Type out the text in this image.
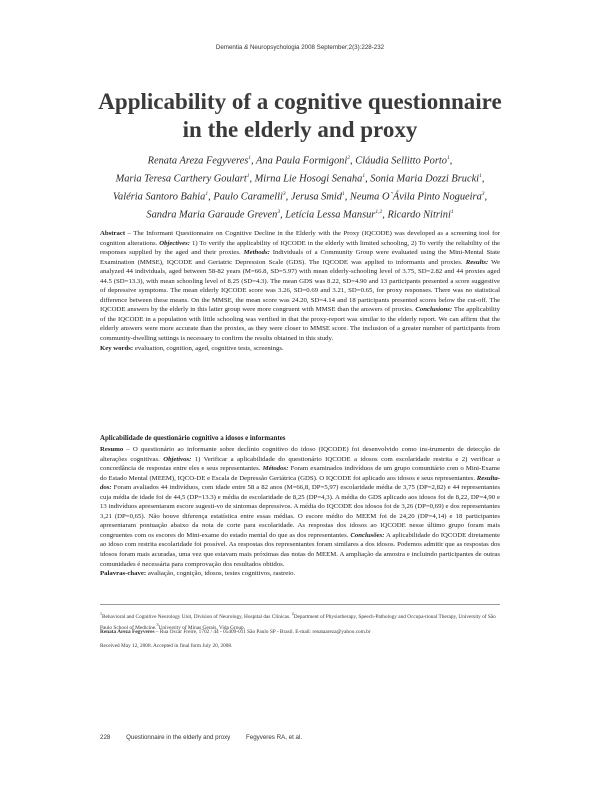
Dementia & Neuropsychologia 2008 September;2(3):228-232
Applicability of a cognitive questionnaire
in the elderly and proxy
Renata Areza Fegyveres$^1$, Ana Paula Formigoni$^2$, Cláudia Sellitto Porto$^1$,
Maria Teresa Carthery Goulart$^1$, Mirna Lie Hosogi Senaha$^1$, Sonia Maria Dozzi Brucki$^1$,
Valéria Santoro Bahia$^1$, Paulo Caramelli$^3$, Jerusa Smid$^1$, Neuma O`Ávila Pinto Nogueira$^3$,
Sandra Maria Garaude Greven$^3$, Letícia Lessa Mansur$^{1,2}$, Ricardo Nitrini$^1$
Abstract – The Informant Questionnaire on Cognitive Decline in the Elderly with the Proxy (IQCODE) was developed as a screening tool for cognition alterations. Objectives: 1) To verify the applicability of IQCODE in the elderly with limited schooling, 2) To verify the reliability of the responses supplied by the aged and their proxies. Methods: Individuals of a Community Group were evaluated using the Mini-Mental State Examination (MMSE), IQCODE and Geriatric Depression Scale (GDS). The IQCODE was applied to informants and proxies. Results: We analyzed 44 individuals, aged between 58-82 years (M=66.8, SD=5.97) with mean elderly-schooling level of 3.75, SD=2.82 and 44 proxies aged 44.5 (SD=13.3), with mean schooling level of 8.25 (SD=4.3). The mean GDS was 8.22, SD=4.90 and 13 participants presented a score suggestive of depressive symptoms. The mean elderly IQCODE score was 3.26, SD=0.69 and 3.21, SD=0.65, for proxy responses. There was no statistical difference between these means. On the MMSE, the mean score was 24.20, SD=4.14 and 18 participants presented scores below the cut-off. The IQCODE answers by the elderly in this latter group were more congruent with MMSE than the answers of proxies. Conclusions: The applicability of the IQCODE in a population with little schooling was verified in that the proxy-report was similar to the elderly report. We can affirm that the elderly answers were more accurate than the proxies, as they were closer to MMSE score. The inclusion of a greater number of participants from community-dwelling settings is necessary to confirm the results obtained in this study.
Key words: evaluation, cognition, aged, cognitive tests, screenings.
Aplicabilidade de questionário cognitivo a idosos e informantes
Resumo – O questionário ao informante sobre declínio cognitivo do idoso (IQCODE) foi desenvolvido como ins-trumento de detecção de alterações cognitivas. Objetivos: 1) Verificar a aplicabilidade do questionário IQCODE a idosos com escolaridade restrita e 2) verificar a concordância de respostas entre eles e seus representantes. Métodos: Foram examinados indivíduos de um grupo comunitário com o Mini-Exame do Estado Mental (MEEM), IQCO-DE e Escala de Depressão Geriátrica (GDS). O IQCODE foi aplicado aos idosos e seus representantes. Resulta-dos: Foram avaliados 44 indivíduos, com idade entre 58 a 82 anos (M=66,8, DP=5,97) escolaridade média de 3,75 (DP=2,82) e 44 representantes cuja média de idade foi de 44,5 (DP=13.3) e média de escolaridade de 8,25 (DP=4,3). A média do GDS aplicado aos idosos foi de 8,22, DP=4,90 e 13 indivíduos apresentaram escore sugesti-vo de sintomas depressivos. A média do IQCODE dos idosos foi de 3,26 (DP=0,69) e dos representantes 3,21 (DP=0,65). Não houve diferença estatística entre essas médias. O escore médio do MEEM foi de 24,20 (DP=4,14) e 18 participantes apresentaram pontuação abaixo da nota de corte para escolaridade. As respostas dos idosos ao IQCODE nesse último grupo foram mais congruentes com os escores do Mini-exame do estado mental do que as dos representantes. Conclusões: A aplicabilidade do IQCODE diretamente ao idoso com restrita escolaridade foi possível. As respostas dos representantes foram similares a dos idosos. Podemos admitir que as respostas dos idosos foram mais acuradas, uma vez que estavam mais próximas das notas do MEEM. A ampliação da amostra e incluindo participantes de outras comunidades é necessária para comprovação dos resultados obtidos.
Palavras-chave: avaliação, cognição, idosos, testes cognitivos, rastreio.
$^1$Behavioral and Cognitive Neurology Unit, Division of Neurology, Hospital das Clínicas. $^2$Department of Physiotherapy, Speech-Pathology and Occupa-tional Therapy, University of São Paulo School of Medicine.$^3$University of Minas Gerais, Vida Group.
Renata Areza Fegyveres – Rua Oscar Freire, 1702 / 44 - 05409-011 São Paulo SP - Brasil. E-mail: renataareza@yahoo.com.br
Received May 12, 2008. Accepted in final form July 20, 2008.
228	Questionnaire in the elderly and proxy	Fegyveres RA, et al.
